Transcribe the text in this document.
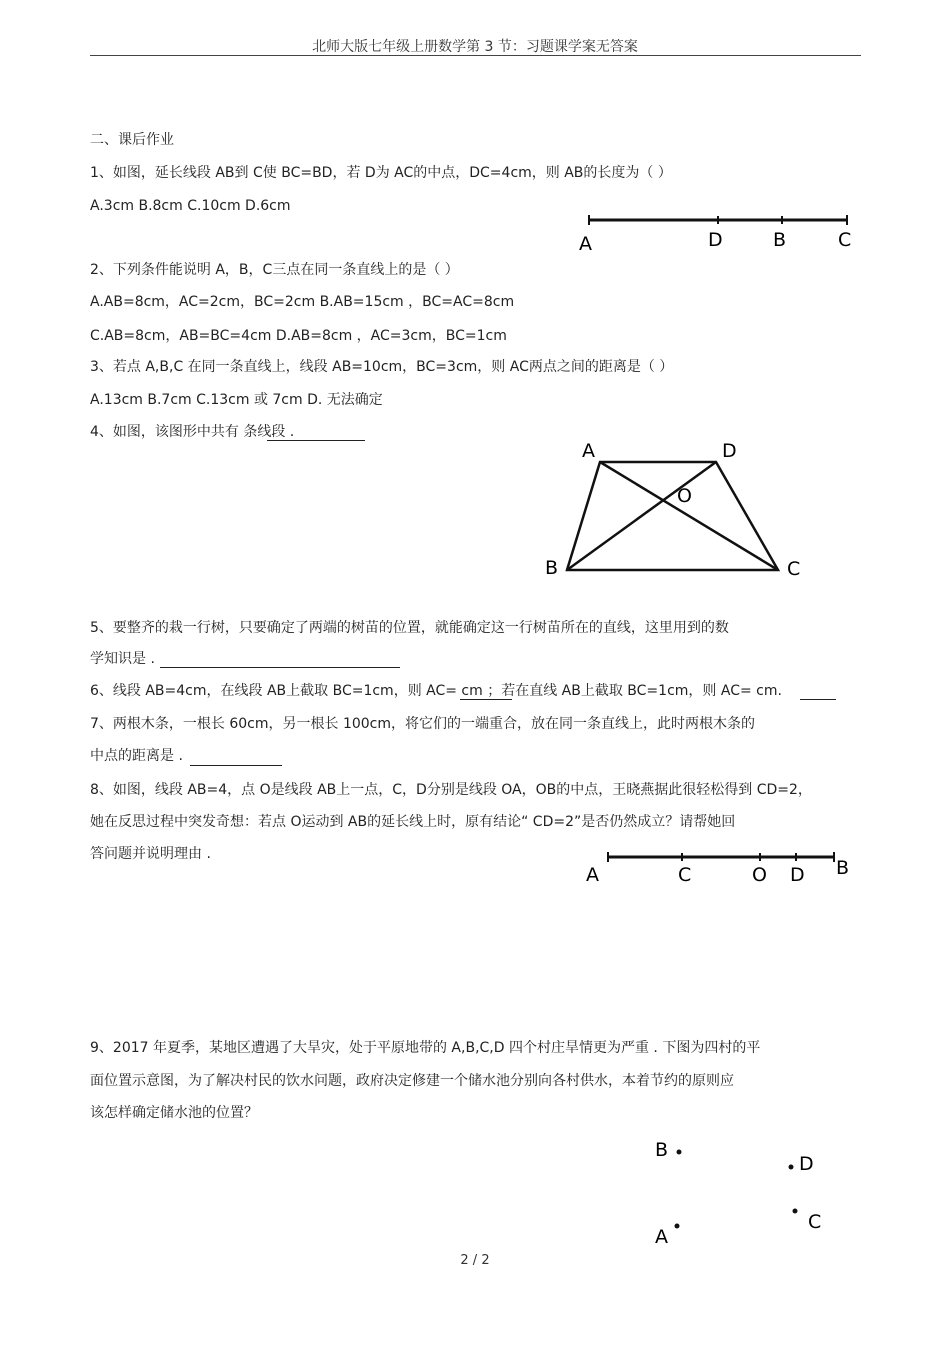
北师大版七年级上册数学第 3 节：习题课学案无答案
二、课后作业
1、如图，延长线段 AB到 C使 BC=BD，若 D为 AC的中点，DC=4cm，则 AB的长度为（ ）
A.3cm B.8cm C.10cm D.6cm
2、下列条件能说明 A，B，C三点在同一条直线上的是（ ）
A.AB=8cm，AC=2cm，BC=2cm B.AB=15cm ，BC=AC=8cm
C.AB=8cm，AB=BC=4cm D.AB=8cm ，AC=3cm，BC=1cm
3、若点 A,B,C 在同一条直线上，线段 AB=10cm，BC=3cm，则 AC两点之间的距离是（ ）
A.13cm B.7cm C.13cm 或 7cm D. 无法确定
4、如图，该图形中共有 条线段 .
5、要整齐的栽一行树，只要确定了两端的树苗的位置，就能确定这一行树苗所在的直线，这里用到的数
学知识是 .
6、线段 AB=4cm，在线段 AB上截取 BC=1cm，则 AC= cm ；若在直线 AB上截取 BC=1cm，则 AC= cm.
7、两根木条，一根长 60cm，另一根长 100cm，将它们的一端重合，放在同一条直线上，此时两根木条的
中点的距离是 .
8、如图，线段 AB=4，点 O是线段 AB上一点，C，D分别是线段 OA，OB的中点，王晓燕据此很轻松得到 CD=2，
她在反思过程中突发奇想：若点 O运动到 AB的延长线上时，原有结论“ CD=2”是否仍然成立？请帮她回
答问题并说明理由 .
9、2017 年夏季，某地区遭遇了大旱灾，处于平原地带的 A,B,C,D 四个村庄旱情更为严重 . 下图为四村的平
面位置示意图，为了解决村民的饮水问题，政府决定修建一个储水池分别向各村供水，本着节约的原则应
该怎样确定储水池的位置？
A	D	B	C
A	D
O
B	C
A	C	O D B
B
D
A
C
2 / 2
